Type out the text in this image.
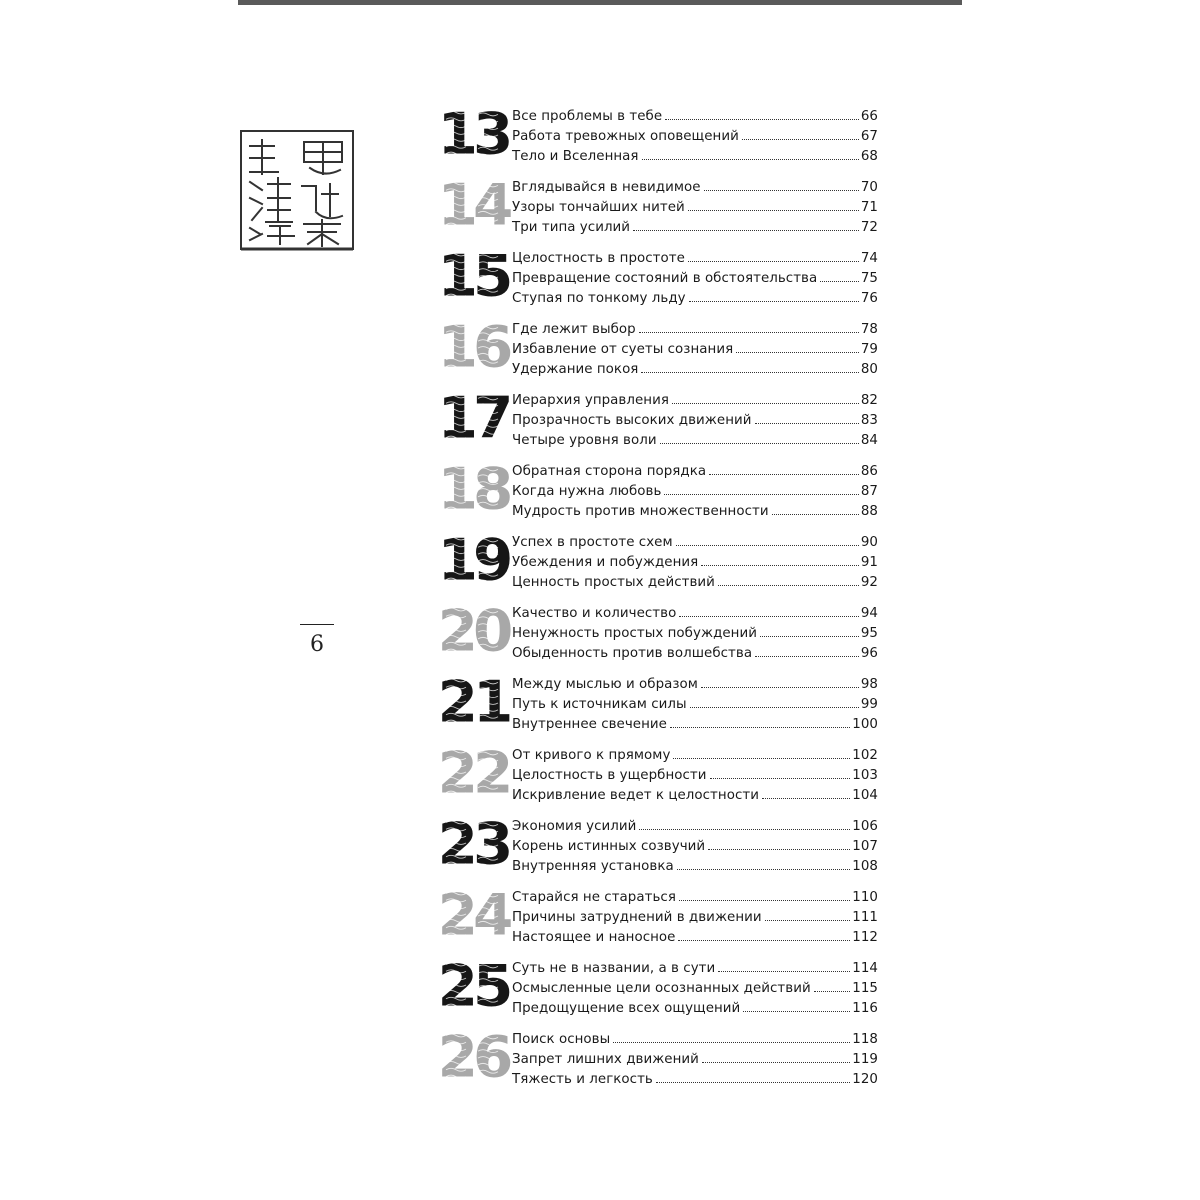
6
13 Все проблемы в тебе	66
Работа тревожных оповещений	67
Тело и Вселенная	68
14 Вглядывайся в невидимое	70
Узоры тончайших нитей	71
Три типа усилий	72
15 Целостность в простоте	74
Превращение состояний в обстоятельства	75
Ступая по тонкому льду	76
16 Где лежит выбор	78
Избавление от суеты сознания	79
Удержание покоя	80
17 Иерархия управления	82
Прозрачность высоких движений	83
Четыре уровня воли	84
18 Обратная сторона порядка	86
Когда нужна любовь	87
Мудрость против множественности	88
19 Успех в простоте схем	90
Убеждения и побуждения	91
Ценность простых действий	92
20 Качество и количество	94
Ненужность простых побуждений	95
Обыденность против волшебства	96
21 Между мыслью и образом	98
Путь к источникам силы	99
Внутреннее свечение	100
22 От кривого к прямому	102
Целостность в ущербности	103
Искривление ведет к целостности	104
23 Экономия усилий	106
Корень истинных созвучий	107
Внутренняя установка	108
24 Старайся не стараться	110
Причины затруднений в движении	111
Настоящее и наносное	112
25 Суть не в названии, а в сути	114
Осмысленные цели осознанных действий	115
Предощущение всех ощущений	116
26 Поиск основы	118
Запрет лишних движений	119
Тяжесть и легкость	120
